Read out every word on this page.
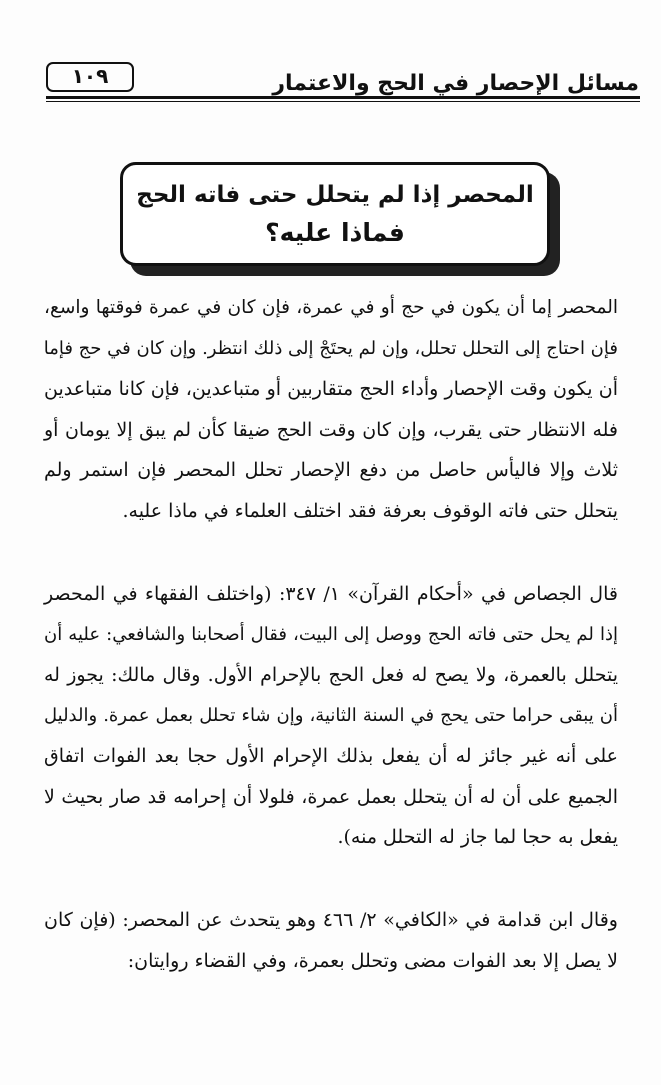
مسائل الإحصار في الحج والاعتمار
١٠٩
المحصر إذا لم يتحلل حتى فاته الحج
فماذا عليه؟
المحصر إما أن يكون في حج أو في عمرة، فإن كان في عمرة فوقتها واسع،
فإن احتاج إلى التحلل تحلل، وإن لم يحتَجْ إلى ذلك انتظر. وإن كان في حج فإما
أن يكون وقت الإحصار وأداء الحج متقاربين أو متباعدين، فإن كانا متباعدين
فله الانتظار حتى يقرب، وإن كان وقت الحج ضيقا كأن لم يبق إلا يومان أو
ثلاث وإلا فاليأس حاصل من دفع الإحصار تحلل المحصر فإن استمر ولم
يتحلل حتى فاته الوقوف بعرفة فقد اختلف العلماء في ماذا عليه.
قال الجصاص في «أحكام القرآن» ١/ ٣٤٧: (واختلف الفقهاء في المحصر
إذا لم يحل حتى فاته الحج ووصل إلى البيت، فقال أصحابنا والشافعي: عليه أن
يتحلل بالعمرة، ولا يصح له فعل الحج بالإحرام الأول. وقال مالك: يجوز له
أن يبقى حراما حتى يحج في السنة الثانية، وإن شاء تحلل بعمل عمرة. والدليل
على أنه غير جائز له أن يفعل بذلك الإحرام الأول حجا بعد الفوات اتفاق
الجميع على أن له أن يتحلل بعمل عمرة، فلولا أن إحرامه قد صار بحيث لا
يفعل به حجا لما جاز له التحلل منه).
وقال ابن قدامة في «الكافي» ٢/ ٤٦٦ وهو يتحدث عن المحصر: (فإن كان
لا يصل إلا بعد الفوات مضى وتحلل بعمرة، وفي القضاء روايتان:
